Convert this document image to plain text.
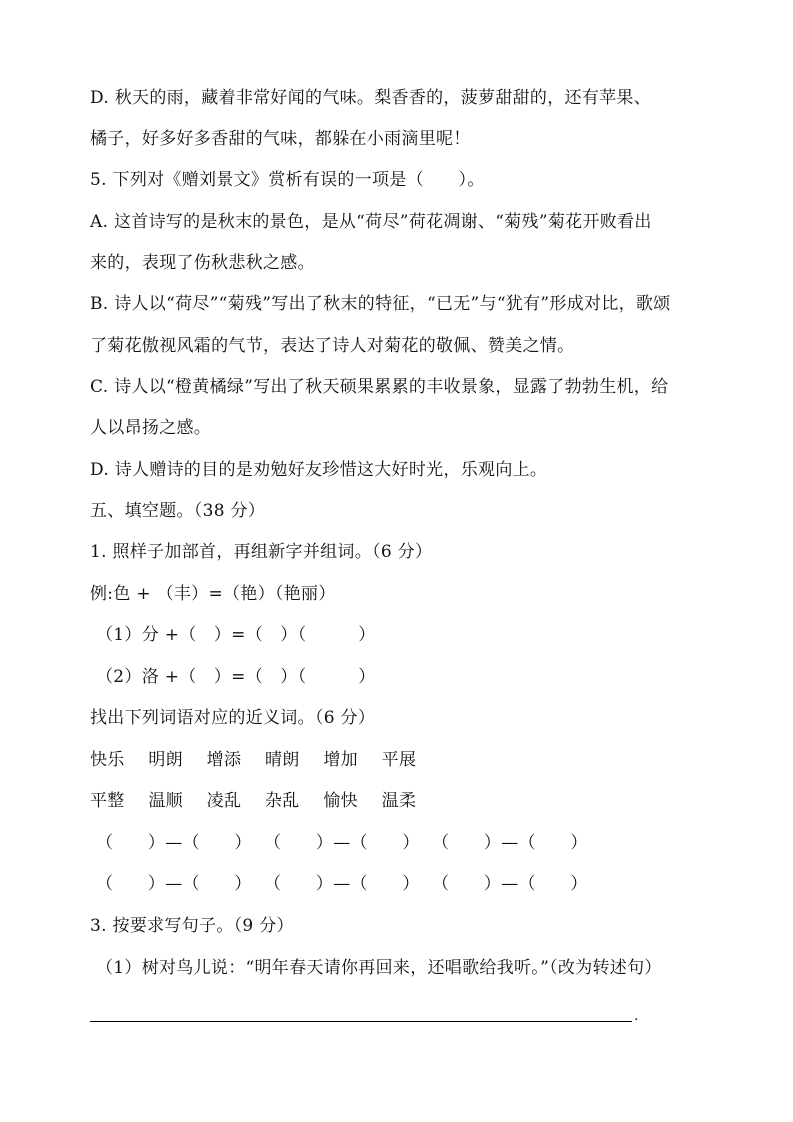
D. 秋天的雨，藏着非常好闻的气味。梨香香的，菠萝甜甜的，还有苹果、
橘子，好多好多香甜的气味，都躲在小雨滴里呢！
5. 下列对《赠刘景文》赏析有误的一项是（　　）。
A. 这首诗写的是秋末的景色，是从“荷尽”荷花凋谢、“菊残”菊花开败看出
来的，表现了伤秋悲秋之感。
B. 诗人以“荷尽”“菊残”写出了秋末的特征，“已无”与“犹有”形成对比，歌颂
了菊花傲视风霜的气节，表达了诗人对菊花的敬佩、赞美之情。
C. 诗人以“橙黄橘绿”写出了秋天硕果累累的丰收景象，显露了勃勃生机，给
人以昂扬之感。
D. 诗人赠诗的目的是劝勉好友珍惜这大好时光，乐观向上。
五、填空题。（38 分）
1. 照样子加部首，再组新字并组词。（6 分）
例:色 + （丰）=（艳）（艳丽）
（1）分 +（　）=（　）（　　　）
（2）洛 +（　）=（　）（　　　）
找出下列词语对应的近义词。（6 分）
快乐 明朗 增添 晴朗 增加 平展
平整 温顺 凌乱 杂乱 愉快 温柔
（　　）—（　　） （　　）—（　　） （　　）—（　　）
（　　）—（　　） （　　）—（　　） （　　）—（　　）
3. 按要求写句子。（9 分）
（1）树对鸟儿说：“明年春天请你再回来，还唱歌给我听。”（改为转述句）
.
